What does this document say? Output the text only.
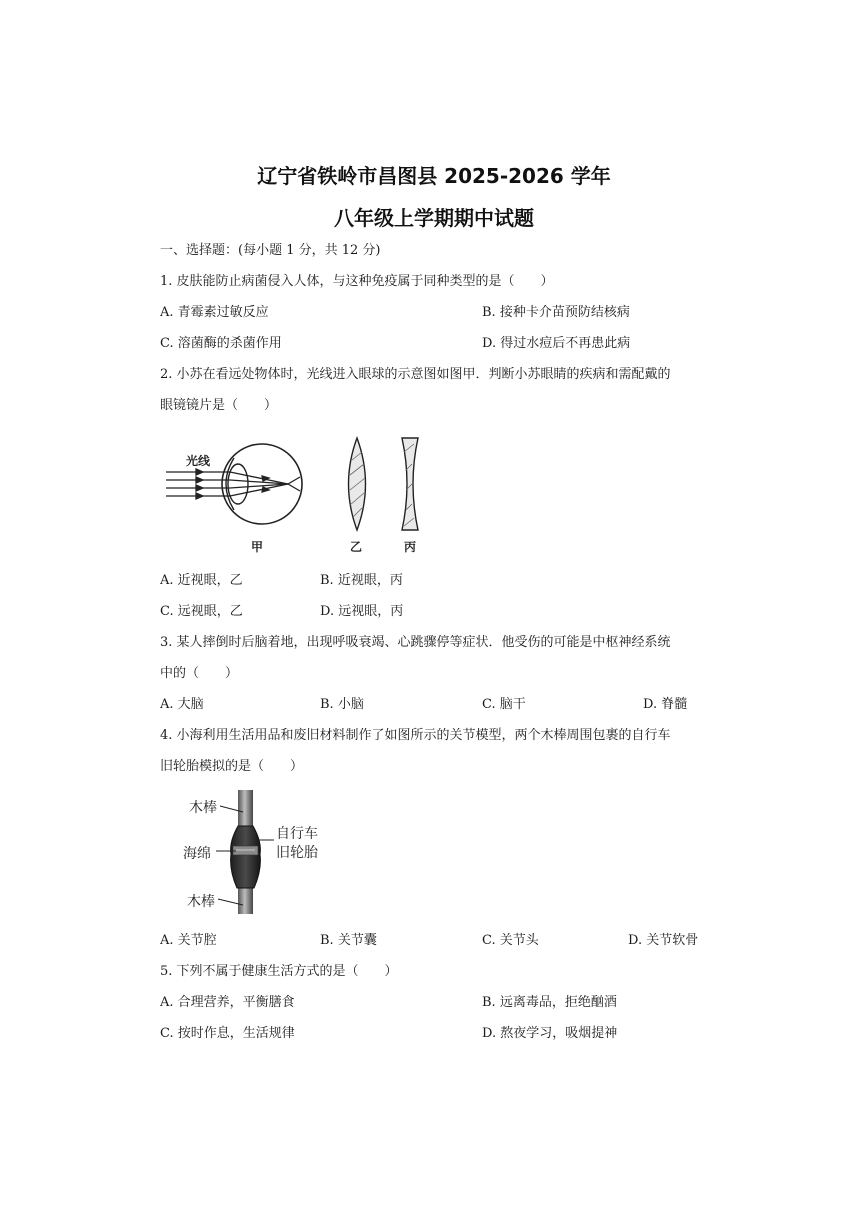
辽宁省铁岭市昌图县 2025-2026 学年
八年级上学期期中试题
一、选择题：(每小题 1 分，共 12 分)
1. 皮肤能防止病菌侵入人体，与这种免疫属于同种类型的是（　　）
A. 青霉素过敏反应	B. 接种卡介苗预防结核病
C. 溶菌酶的杀菌作用	D. 得过水痘后不再患此病
2. 小苏在看远处物体时，光线进入眼球的示意图如图甲．判断小苏眼睛的疾病和需配戴的
眼镜镜片是（　　）
光线
甲	乙	丙
A. 近视眼，乙	B. 近视眼，丙
C. 远视眼，乙	D. 远视眼，丙
3. 某人摔倒时后脑着地，出现呼吸衰竭、心跳骤停等症状．他受伤的可能是中枢神经系统
中的（　　）
A. 大脑	B. 小脑	C. 脑干	D. 脊髓
4. 小海利用生活用品和废旧材料制作了如图所示的关节模型，两个木棒周围包裹的自行车
旧轮胎模拟的是（　　）
木棒
海绵
木棒
自行车
旧轮胎
A. 关节腔	B. 关节囊	C. 关节头	D. 关节软骨
5. 下列不属于健康生活方式的是（　　）
A. 合理营养，平衡膳食	B. 远离毒品，拒绝酗酒
C. 按时作息，生活规律	D. 熬夜学习，吸烟提神
